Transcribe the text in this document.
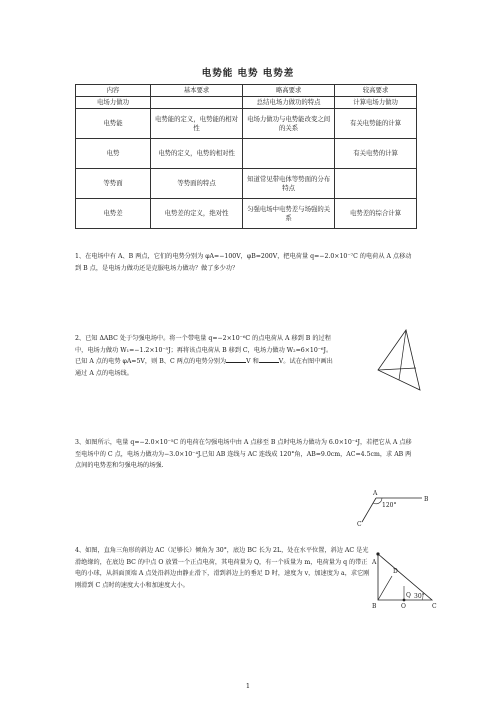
电势能 电势 电势差
内容	基本要求	略高要求	较高要求
电场力做功		总结电场力做功的特点	计算电场力做功
电势能	电势能的定义，电势能的相对性	电场力做功与电势能改变之间的关系	有关电势能的计算
电势	电势的定义，电势的相对性		有关电势的计算
等势面	等势面的特点	知道常见带电体等势面的分布特点	
电势差	电势差的定义，绝对性	匀强电场中电势差与场强的关系	电势差的综合计算

1、在电场中有 A、B 两点，它们的电势分别为 φA=−100V，φB=200V，把电荷量 q=−2.0×10⁻⁷C 的电荷从 A 点移动到 B 点，是电场力做功还是克服电场力做功？做了多少功？

2、已知 ΔABC 处于匀强电场中。将一个带电量 q=−2×10⁻⁶C 的点电荷从 A 移到 B 的过程中，电场力做功 W₁=−1.2×10⁻⁵J；再将该点电荷从 B 移到 C，电场力做功 W₂=6×10⁻⁶J。已知 A 点的电势 φA=5V，则 B、C 两点的电势分别为	V 和	V。试在右图中画出通过 A 点的电场线。

3、如图所示，电量 q=−2.0×10⁻⁵C 的电荷在匀强电场中由 A 点移至 B 点时电场力做功为 6.0×10⁻⁴J，若把它从 A 点移至电场中的 C 点，电场力做功为−3.0×10⁻⁴J.已知 AB 连线与 AC 连线成 120°角，AB=9.0cm，AC=4.5cm，求 AB 两点间的电势差和匀强电场的场强.

A
B
C
120°

4、如图，直角三角形的斜边 AC（足够长）倾角为 30°，底边 BC 长为 2L，处在水平位置，斜边 AC 是光滑绝缘的，在底边 BC 的中点 O 放置一个正点电荷，其电荷量为 Q，有一个质量为 m，电荷量为 q 的带正电的小球，从斜面顶端 A 点处沿斜边由静止滑下，滑到斜边上的垂足 D 时，速度为 v，加速度为 a，求它刚刚滑到 C 点时的速度大小和加速度大小。

A
B	C
D
O
Q 30°
1
